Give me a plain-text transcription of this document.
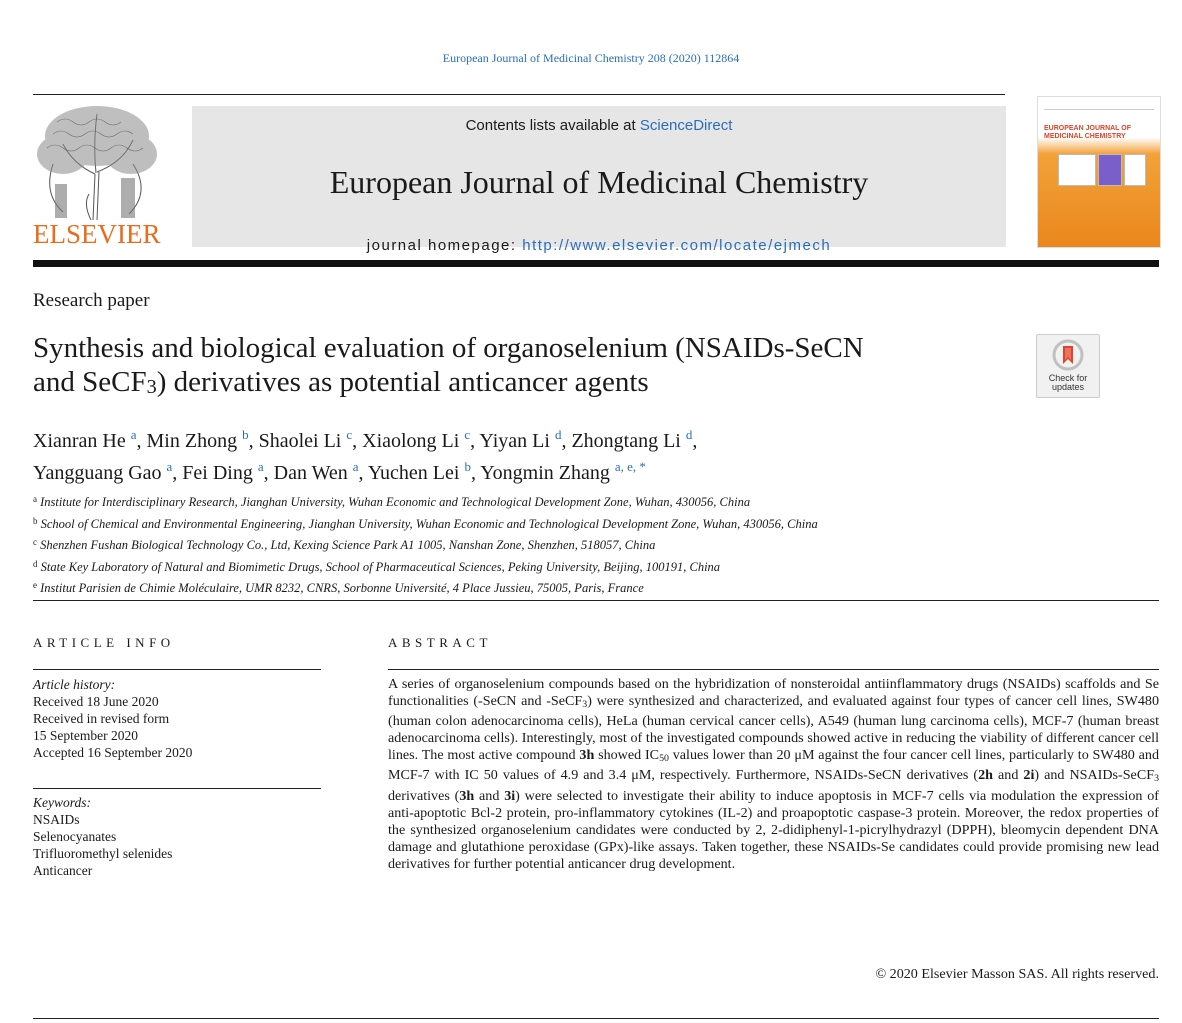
European Journal of Medicinal Chemistry 208 (2020) 112864
ELSEVIER
Contents lists available at ScienceDirect
European Journal of Medicinal Chemistry
journal homepage: http://www.elsevier.com/locate/ejmech
EUROPEAN JOURNAL OF MEDICINAL CHEMISTRY
Research paper
Synthesis and biological evaluation of organoselenium (NSAIDs-SeCN
and SeCF$_3$) derivatives as potential anticancer agents	Check for
updates
Xianran He $^a$, Min Zhong $^b$, Shaolei Li $^c$, Xiaolong Li $^c$, Yiyan Li $^d$, Zhongtang Li $^d$,
Yangguang Gao $^a$, Fei Ding $^a$, Dan Wen $^a$, Yuchen Lei $^b$, Yongmin Zhang $^{a, e, *}$
$^a$ Institute for Interdisciplinary Research, Jianghan University, Wuhan Economic and Technological Development Zone, Wuhan, 430056, China
$^b$ School of Chemical and Environmental Engineering, Jianghan University, Wuhan Economic and Technological Development Zone, Wuhan, 430056, China
$^c$ Shenzhen Fushan Biological Technology Co., Ltd, Kexing Science Park A1 1005, Nanshan Zone, Shenzhen, 518057, China
$^d$ State Key Laboratory of Natural and Biomimetic Drugs, School of Pharmaceutical Sciences, Peking University, Beijing, 100191, China
$^e$ Institut Parisien de Chimie Moléculaire, UMR 8232, CNRS, Sorbonne Université, 4 Place Jussieu, 75005, Paris, France
ARTICLE INFO	ABSTRACT
Article history:
Received 18 June 2020
Received in revised form
15 September 2020
Accepted 16 September 2020
Keywords:
NSAIDs
Selenocyanates
Trifluoromethyl selenides
Anticancer
A series of organoselenium compounds based on the hybridization of nonsteroidal antiinflammatory drugs (NSAIDs) scaffolds and Se functionalities (-SeCN and -SeCF$_3$) were synthesized and characterized, and evaluated against four types of cancer cell lines, SW480 (human colon adenocarcinoma cells), HeLa (human cervical cancer cells), A549 (human lung carcinoma cells), MCF-7 (human breast adenocarcinoma cells). Interestingly, most of the investigated compounds showed active in reducing the viability of different cancer cell lines. The most active compound 3h showed $IC_{50}$ values lower than 20 μM against the four cancer cell lines, particularly to SW480 and MCF-7 with IC 50 values of 4.9 and 3.4 μM, respectively. Furthermore, NSAIDs-SeCN derivatives (2h and 2i) and NSAIDs-SeCF$_3$ derivatives (3h and 3i) were selected to investigate their ability to induce apoptosis in MCF-7 cells via modulation the expression of anti-apoptotic Bcl-2 protein, pro-inflammatory cytokines (IL-2) and proapoptotic caspase-3 protein. Moreover, the redox properties of the synthesized organoselenium candidates were conducted by 2, 2-didiphenyl-1-picrylhydrazyl (DPPH), bleomycin dependent DNA damage and glutathione peroxidase (GPx)-like assays. Taken together, these NSAIDs-Se candidates could provide promising new lead derivatives for further potential anticancer drug development.
© 2020 Elsevier Masson SAS. All rights reserved.
